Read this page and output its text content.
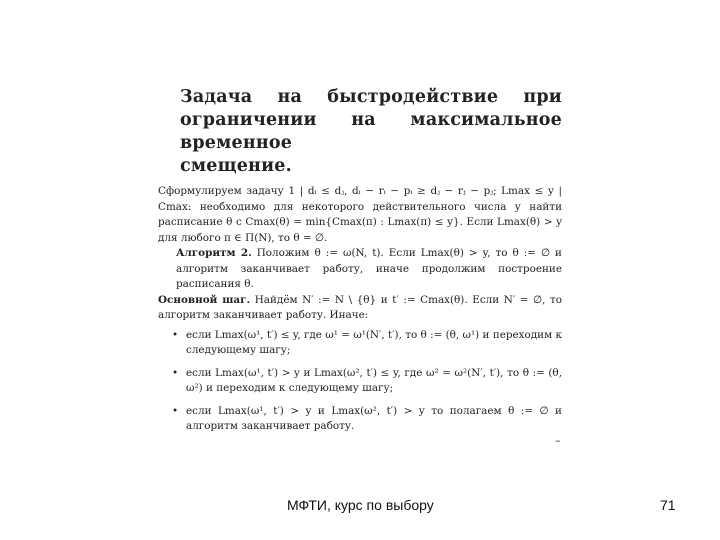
Задача на быстродействие при
ограничении на максимальное временное

смещение.

Сформулируем задачу 1 | dᵢ ≤ dⱼ, dᵢ − rᵢ − pᵢ ≥ dⱼ − rⱼ − pⱼ; Lmax ≤ y | Cmax: необходимо для некоторого действительного числа y найти расписание θ с Cmax(θ) = min{Cmax(π) : Lmax(π) ≤ y}. Если Lmax(θ) > y для любого π ∈ Π(N), то θ = ∅.

Алгоритм 2. Положим θ := ω(N, t). Если Lmax(θ) > y, то θ := ∅ и алгоритм заканчивает работу, иначе продолжим построение расписания θ.

Основной шаг. Найдём N′ := N \ {θ} и t′ := Cmax(θ). Если N′ = ∅, то алгоритм заканчивает работу. Иначе:

• если Lmax(ω¹, t′) ≤ y, где ω¹ = ω¹(N′, t′), то θ := (θ, ω¹) и переходим к следующему шагу;
• если Lmax(ω¹, t′) > y и Lmax(ω², t′) ≤ y, где ω² = ω²(N′, t′), то θ := (θ, ω²) и переходим к следующему шагу;
• если Lmax(ω¹, t′) > y и Lmax(ω², t′) > y то полагаем θ := ∅ и алгоритм заканчивает работу.
–
МФТИ, курс по выбору	71
